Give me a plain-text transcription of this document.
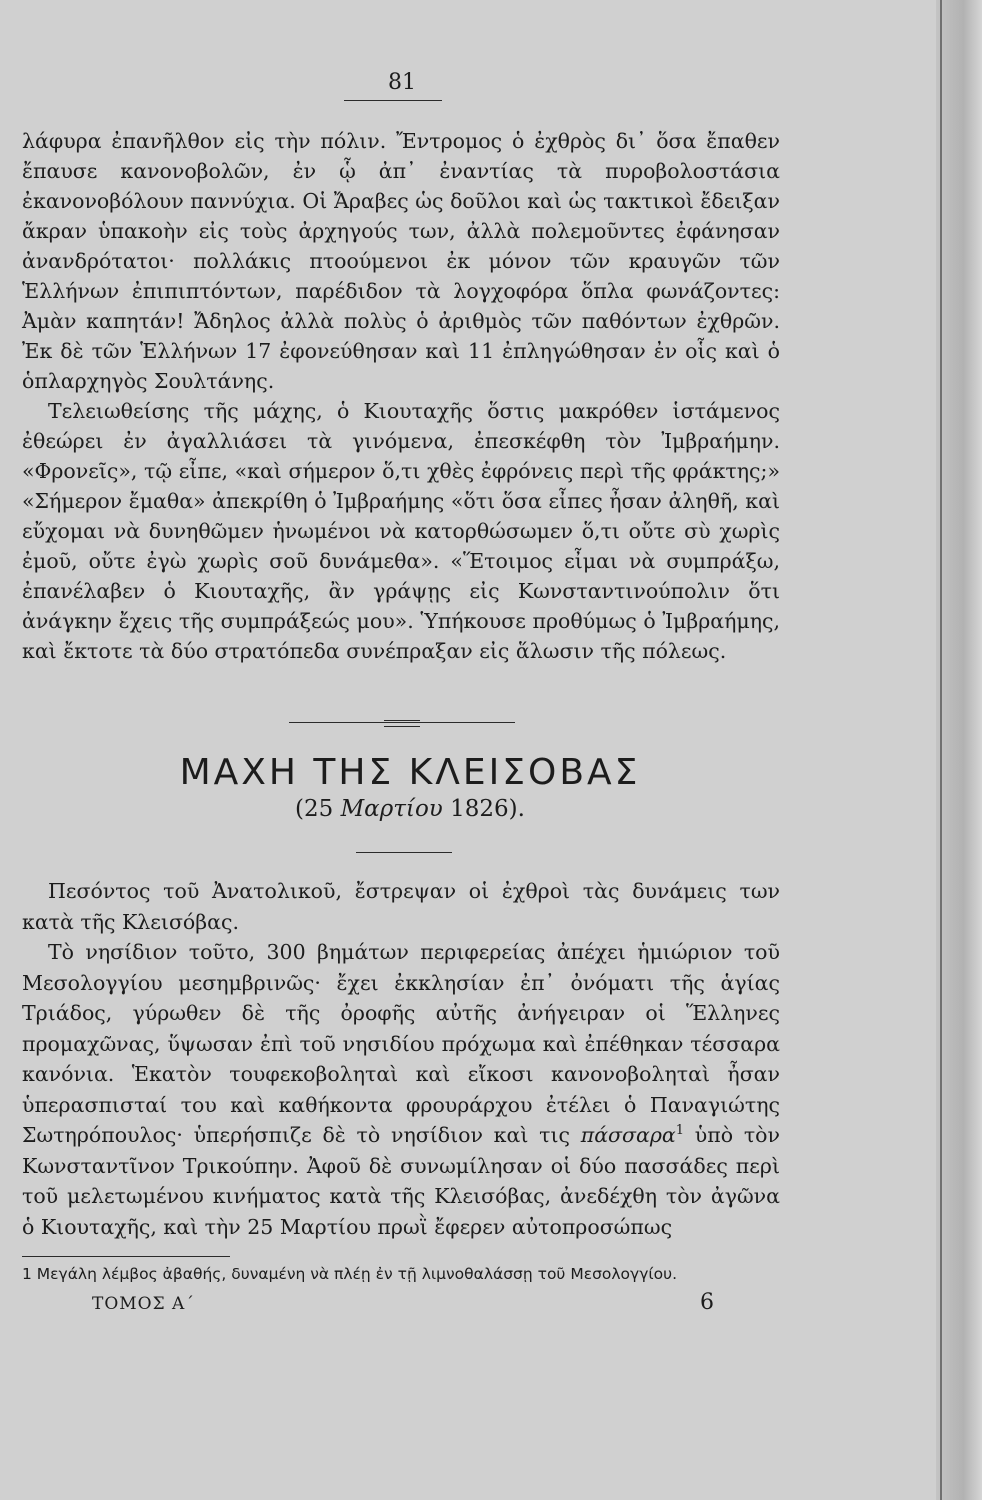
81

λάφυρα ἐπανῆλθον εἰς τὴν πόλιν. Ἔντρομος ὁ ἐχθρὸς δι᾽ ὅσα ἔπαθεν ἔπαυσε κανονοβολῶν, ἐν ᾧ ἀπ᾽ ἐναντίας τὰ πυροβολοστάσια ἐκανονοβόλουν παννύχια. Οἱ Ἄραβες ὡς δοῦλοι καὶ ὡς τακτικοὶ ἔδειξαν ἄκραν ὑπακοὴν εἰς τοὺς ἀρχηγούς των, ἀλλὰ πολεμοῦντες ἐφάνησαν ἀνανδρότατοι· πολλάκις πτοούμενοι ἐκ μόνον τῶν κραυγῶν τῶν Ἑλλήνων ἐπιπιπτόντων, παρέδιδον τὰ λογχοφόρα ὅπλα φωνάζοντες: Ἀμὰν καπητάν! Ἄδηλος ἀλλὰ πολὺς ὁ ἀριθμὸς τῶν παθόντων ἐχθρῶν. Ἐκ δὲ τῶν Ἑλλήνων 17 ἐφονεύθησαν καὶ 11 ἐπληγώθησαν ἐν οἷς καὶ ὁ ὁπλαρχηγὸς Σουλτάνης.

Τελειωθείσης τῆς μάχης, ὁ Κιουταχῆς ὅστις μακρόθεν ἱστάμενος ἐθεώρει ἐν ἀγαλλιάσει τὰ γινόμενα, ἐπεσκέφθη τὸν Ἰμβραήμην. «Φρονεῖς», τῷ εἶπε, «καὶ σήμερον ὅ,τι χθὲς ἐφρόνεις περὶ τῆς φράκτης;» «Σήμερον ἔμαθα» ἀπεκρίθη ὁ Ἰμβραήμης «ὅτι ὅσα εἶπες ἦσαν ἀληθῆ, καὶ εὔχομαι νὰ δυνηθῶμεν ἡνωμένοι νὰ κατορθώσωμεν ὅ,τι οὔτε σὺ χωρὶς ἐμοῦ, οὔτε ἐγὼ χωρὶς σοῦ δυνάμεθα». «Ἕτοιμος εἶμαι νὰ συμπράξω, ἐπανέλαβεν ὁ Κιουταχῆς, ἂν γράψῃς εἰς Κωνσταντινούπολιν ὅτι ἀνάγκην ἔχεις τῆς συμπράξεώς μου». Ὑπήκουσε προθύμως ὁ Ἰμβραήμης, καὶ ἔκτοτε τὰ δύο στρατόπεδα συνέπραξαν εἰς ἅλωσιν τῆς πόλεως.

ΜΑΧΗ ΤΗΣ ΚΛΕΙΣΟΒΑΣ
(25 Μαρτίου 1826).

Πεσόντος τοῦ Ἀνατολικοῦ, ἔστρεψαν οἱ ἐχθροὶ τὰς δυνάμεις των κατὰ τῆς Κλεισόβας.

Τὸ νησίδιον τοῦτο, 300 βημάτων περιφερείας ἀπέχει ἡμιώριον τοῦ Μεσολογγίου μεσημβρινῶς· ἔχει ἐκκλησίαν ἐπ᾽ ὀνόματι τῆς ἁγίας Τριάδος, γύρωθεν δὲ τῆς ὀροφῆς αὐτῆς ἀνήγειραν οἱ Ἕλληνες προμαχῶνας, ὕψωσαν ἐπὶ τοῦ νησιδίου πρόχωμα καὶ ἐπέθηκαν τέσσαρα κανόνια. Ἑκατὸν τουφεκοβοληταὶ καὶ εἴκοσι κανονοβοληταὶ ἦσαν ὑπερασπισταί του καὶ καθήκοντα φρουράρχου ἐτέλει ὁ Παναγιώτης Σωτηρόπουλος· ὑπερήσπιζε δὲ τὸ νησίδιον καὶ τις πάσσαρα$^1$ ὑπὸ τὸν Κωνσταντῖνον Τρικούπην. Ἀφοῦ δὲ συνωμίλησαν οἱ δύο πασσάδες περὶ τοῦ μελετωμένου κινήματος κατὰ τῆς Κλεισόβας, ἀνεδέχθη τὸν ἀγῶνα ὁ Κιουταχῆς, καὶ τὴν 25 Μαρτίου πρωῒ ἔφερεν αὐτοπροσώπως

1 Μεγάλη λέμβος ἀβαθής, δυναμένη νὰ πλέῃ ἐν τῇ λιμνοθαλάσσῃ τοῦ Μεσολογγίου.
ΤΟΜΟΣ Α΄	6
